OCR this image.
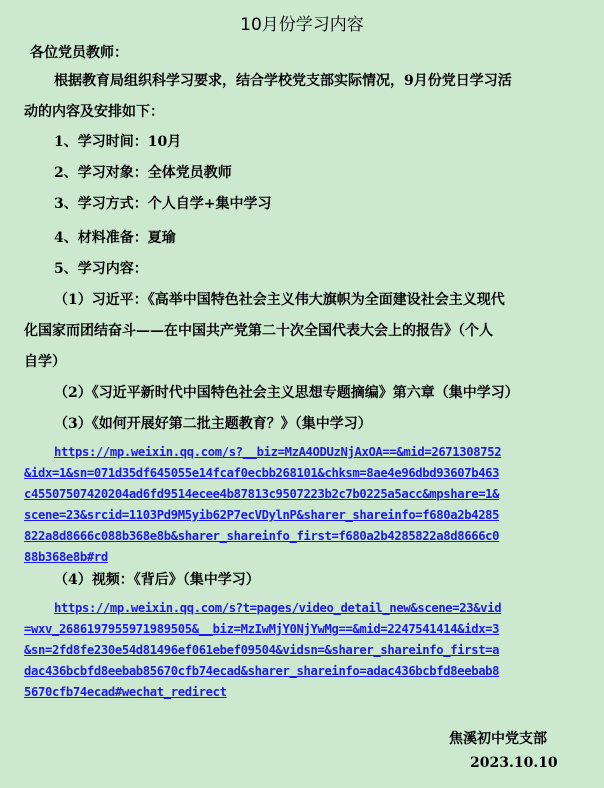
10月份学习内容
各位党员教师：
根据教育局组织科学习要求，结合学校党支部实际情况，9月份党日学习活
动的内容及安排如下：
1、学习时间：10月
2、学习对象：全体党员教师
3、学习方式：个人自学+集中学习
4、材料准备：夏瑜
5、学习内容：
（1）习近平：《高举中国特色社会主义伟大旗帜为全面建设社会主义现代
化国家而团结奋斗——在中国共产党第二十次全国代表大会上的报告》（个人
自学）
（2）《习近平新时代中国特色社会主义思想专题摘编》第六章（集中学习）
（3）《如何开展好第二批主题教育？》（集中学习）
https://mp.weixin.qq.com/s?__biz=MzA4ODUzNjAxOA==&mid=2671308752
&idx=1&sn=071d35df645055e14fcaf0ecbb268101&chksm=8ae4e96dbd93607b463
c45507507420204ad6fd9514ecee4b87813c9507223b2c7b0225a5acc&mpshare=1&
scene=23&srcid=1103Pd9M5yib62P7ecVDylnP&sharer_shareinfo=f680a2b4285
822a8d8666c088b368e8b&sharer_shareinfo_first=f680a2b4285822a8d8666c0
88b368e8b#rd
（4）视频：《背后》（集中学习）
https://mp.weixin.qq.com/s?t=pages/video_detail_new&scene=23&vid
=wxv_2686197955971989505&__biz=MzIwMjY0NjYwMg==&mid=2247541414&idx=3
&sn=2fd8fe230e54d81496ef061ebef09504&vidsn=&sharer_shareinfo_first=a
dac436bcbfd8eebab85670cfb74ecad&sharer_shareinfo=adac436bcbfd8eebab8
5670cfb74ecad#wechat_redirect
焦溪初中党支部
2023.10.10
